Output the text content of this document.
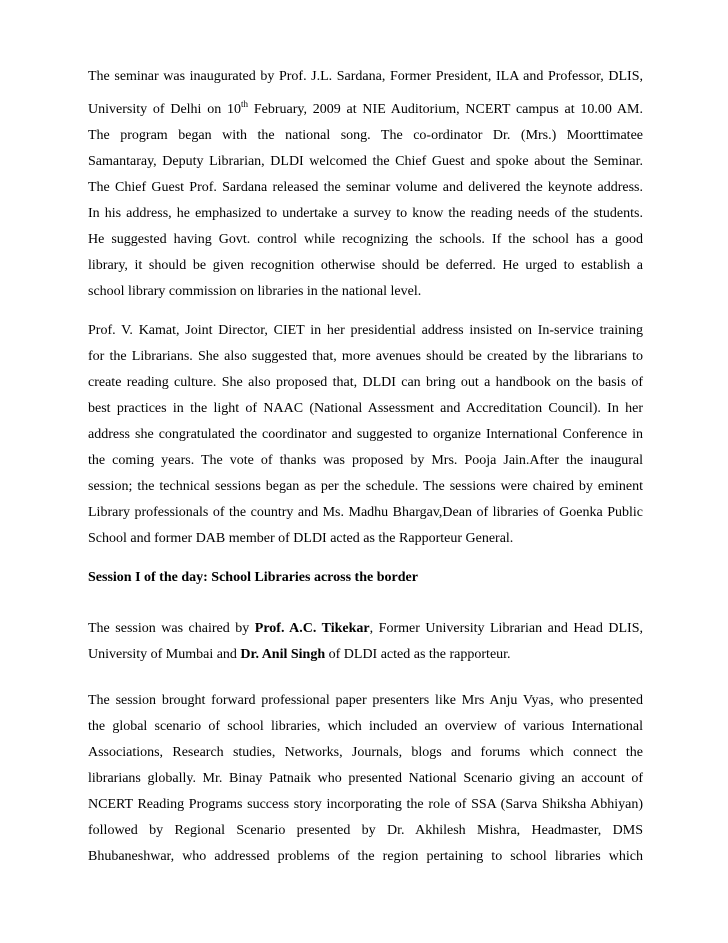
The seminar was inaugurated by Prof. J.L. Sardana, Former President, ILA and Professor, DLIS,
University of Delhi on 10th February, 2009 at NIE Auditorium, NCERT campus at 10.00 AM.
The program began with the national song. The co-ordinator Dr. (Mrs.) Moorttimatee
Samantaray, Deputy Librarian, DLDI welcomed the Chief Guest and spoke about the Seminar.
The Chief Guest Prof. Sardana released the seminar volume and delivered the keynote address.
In his address, he emphasized to undertake a survey to know the reading needs of the students.
He suggested having Govt. control while recognizing the schools. If the school has a good
library, it should be given recognition otherwise should be deferred. He urged to establish a
school library commission on libraries in the national level.
Prof. V. Kamat, Joint Director, CIET in her presidential address insisted on In-service training
for the Librarians. She also suggested that, more avenues should be created by the librarians to
create reading culture. She also proposed that, DLDI can bring out a handbook on the basis of
best practices in the light of NAAC (National Assessment and Accreditation Council). In her
address she congratulated the coordinator and suggested to organize International Conference in
the coming years. The vote of thanks was proposed by Mrs. Pooja Jain.After the inaugural
session; the technical sessions began as per the schedule. The sessions were chaired by eminent
Library professionals of the country and Ms. Madhu Bhargav,Dean of libraries of Goenka Public
School and former DAB member of DLDI acted as the Rapporteur General.
Session I of the day: School Libraries across the border
The session was chaired by Prof. A.C. Tikekar, Former University Librarian and Head DLIS,
University of Mumbai and Dr. Anil Singh of DLDI acted as the rapporteur.
The session brought forward professional paper presenters like Mrs Anju Vyas, who presented
the global scenario of school libraries, which included an overview of various International
Associations, Research studies, Networks, Journals, blogs and forums which connect the
librarians globally. Mr. Binay Patnaik who presented National Scenario giving an account of
NCERT Reading Programs success story incorporating the role of SSA (Sarva Shiksha Abhiyan)
followed by Regional Scenario presented by Dr. Akhilesh Mishra, Headmaster, DMS
Bhubaneshwar, who addressed problems of the region pertaining to school libraries which
